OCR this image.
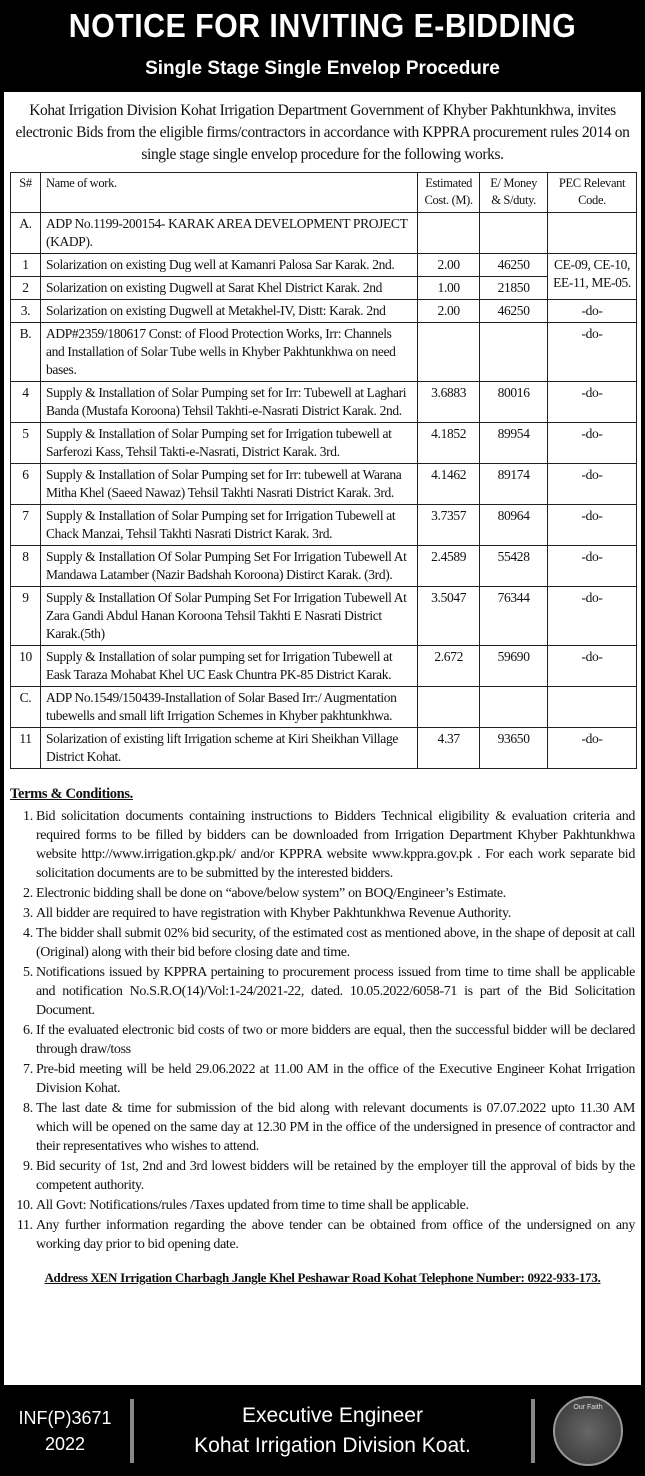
NOTICE FOR INVITING E-BIDDING
Single Stage Single Envelop Procedure

Kohat Irrigation Division Kohat Irrigation Department Government of Khyber Pakhtunkhwa, invites electronic Bids from the eligible firms/contractors in accordance with KPPRA procurement rules 2014 on single stage single envelop procedure for the following works.

S#	Name of work.	Estimated Cost. (M).	E/ Money & S/duty.	PEC Relevant Code.
A.	ADP No.1199-200154- KARAK AREA DEVELOPMENT PROJECT (KADP).			
1	Solarization on existing Dug well at Kamanri Palosa Sar Karak. 2nd.	2.00	46250	CE-09, CE-10, EE-11, ME-05.
2	Solarization on existing Dugwell at Sarat Khel District Karak. 2nd	1.00	21850	
3.	Solarization on existing Dugwell at Metakhel-IV, Distt: Karak. 2nd	2.00	46250	-do-
B.	ADP#2359/180617 Const: of Flood Protection Works, Irr: Channels and Installation of Solar Tube wells in Khyber Pakhtunkhwa on need bases.			-do-
4	Supply & Installation of Solar Pumping set for Irr: Tubewell at Laghari Banda (Mustafa Koroona) Tehsil Takhti-e-Nasrati District Karak. 2nd.	3.6883	80016	-do-
5	Supply & Installation of Solar Pumping set for Irrigation tubewell at Sarferozi Kass, Tehsil Takti-e-Nasrati, District Karak. 3rd.	4.1852	89954	-do-
6	Supply & Installation of Solar Pumping set for Irr: tubewell at Warana Mitha Khel (Saeed Nawaz) Tehsil Takhti Nasrati District Karak. 3rd.	4.1462	89174	-do-
7	Supply & Installation of Solar Pumping set for Irrigation Tubewell at Chack Manzai, Tehsil Takhti Nasrati District Karak. 3rd.	3.7357	80964	-do-
8	Supply & Installation Of Solar Pumping Set For Irrigation Tubewell At Mandawa Latamber (Nazir Badshah Koroona) Distirct Karak. (3rd).	2.4589	55428	-do-
9	Supply & Installation Of Solar Pumping Set For Irrigation Tubewell At Zara Gandi Abdul Hanan Koroona Tehsil Takhti E Nasrati District Karak.(5th)	3.5047	76344	-do-
10	Supply & Installation of solar pumping set for Irrigation Tubewell at Eask Taraza Mohabat Khel UC Eask Chuntra PK-85 District Karak.	2.672	59690	-do-
C.	ADP No.1549/150439-Installation of Solar Based Irr:/ Augmentation tubewells and small lift Irrigation Schemes in Khyber pakhtunkhwa.			
11	Solarization of existing lift Irrigation scheme at Kiri Sheikhan Village District Kohat.	4.37	93650	-do-
Terms & Conditions.
1. Bid solicitation documents containing instructions to Bidders Technical eligibility & evaluation criteria and required forms to be filled by bidders can be downloaded from Irrigation Department Khyber Pakhtunkhwa website http://www.irrigation.gkp.pk/ and/or KPPRA website www.kppra.gov.pk . For each work separate bid solicitation documents are to be submitted by the interested bidders.
2. Electronic bidding shall be done on “above/below system” on BOQ/Engineer’s Estimate.
3. All bidder are required to have registration with Khyber Pakhtunkhwa Revenue Authority.
4. The bidder shall submit 02% bid security, of the estimated cost as mentioned above, in the shape of deposit at call (Original) along with their bid before closing date and time.
5. Notifications issued by KPPRA pertaining to procurement process issued from time to time shall be applicable and notification No.S.R.O(14)/Vol:1-24/2021-22, dated. 10.05.2022/6058-71 is part of the Bid Solicitation Document.
6. If the evaluated electronic bid costs of two or more bidders are equal, then the successful bidder will be declared through draw/toss
7. Pre-bid meeting will be held 29.06.2022 at 11.00 AM in the office of the Executive Engineer Kohat Irrigation Division Kohat.
8. The last date & time for submission of the bid along with relevant documents is 07.07.2022 upto 11.30 AM which will be opened on the same day at 12.30 PM in the office of the undersigned in presence of contractor and their representatives who wishes to attend.
9. Bid security of 1st, 2nd and 3rd lowest bidders will be retained by the employer till the approval of bids by the competent authority.
10. All Govt: Notifications/rules /Taxes updated from time to time shall be applicable.
11. Any further information regarding the above tender can be obtained from office of the undersigned on any working day prior to bid opening date.
Address XEN Irrigation Charbagh Jangle Khel Peshawar Road Kohat Telephone Number: 0922-933-173.
INF(P)3671
2022
Executive Engineer
Kohat Irrigation Division Koat.
Our Faith
